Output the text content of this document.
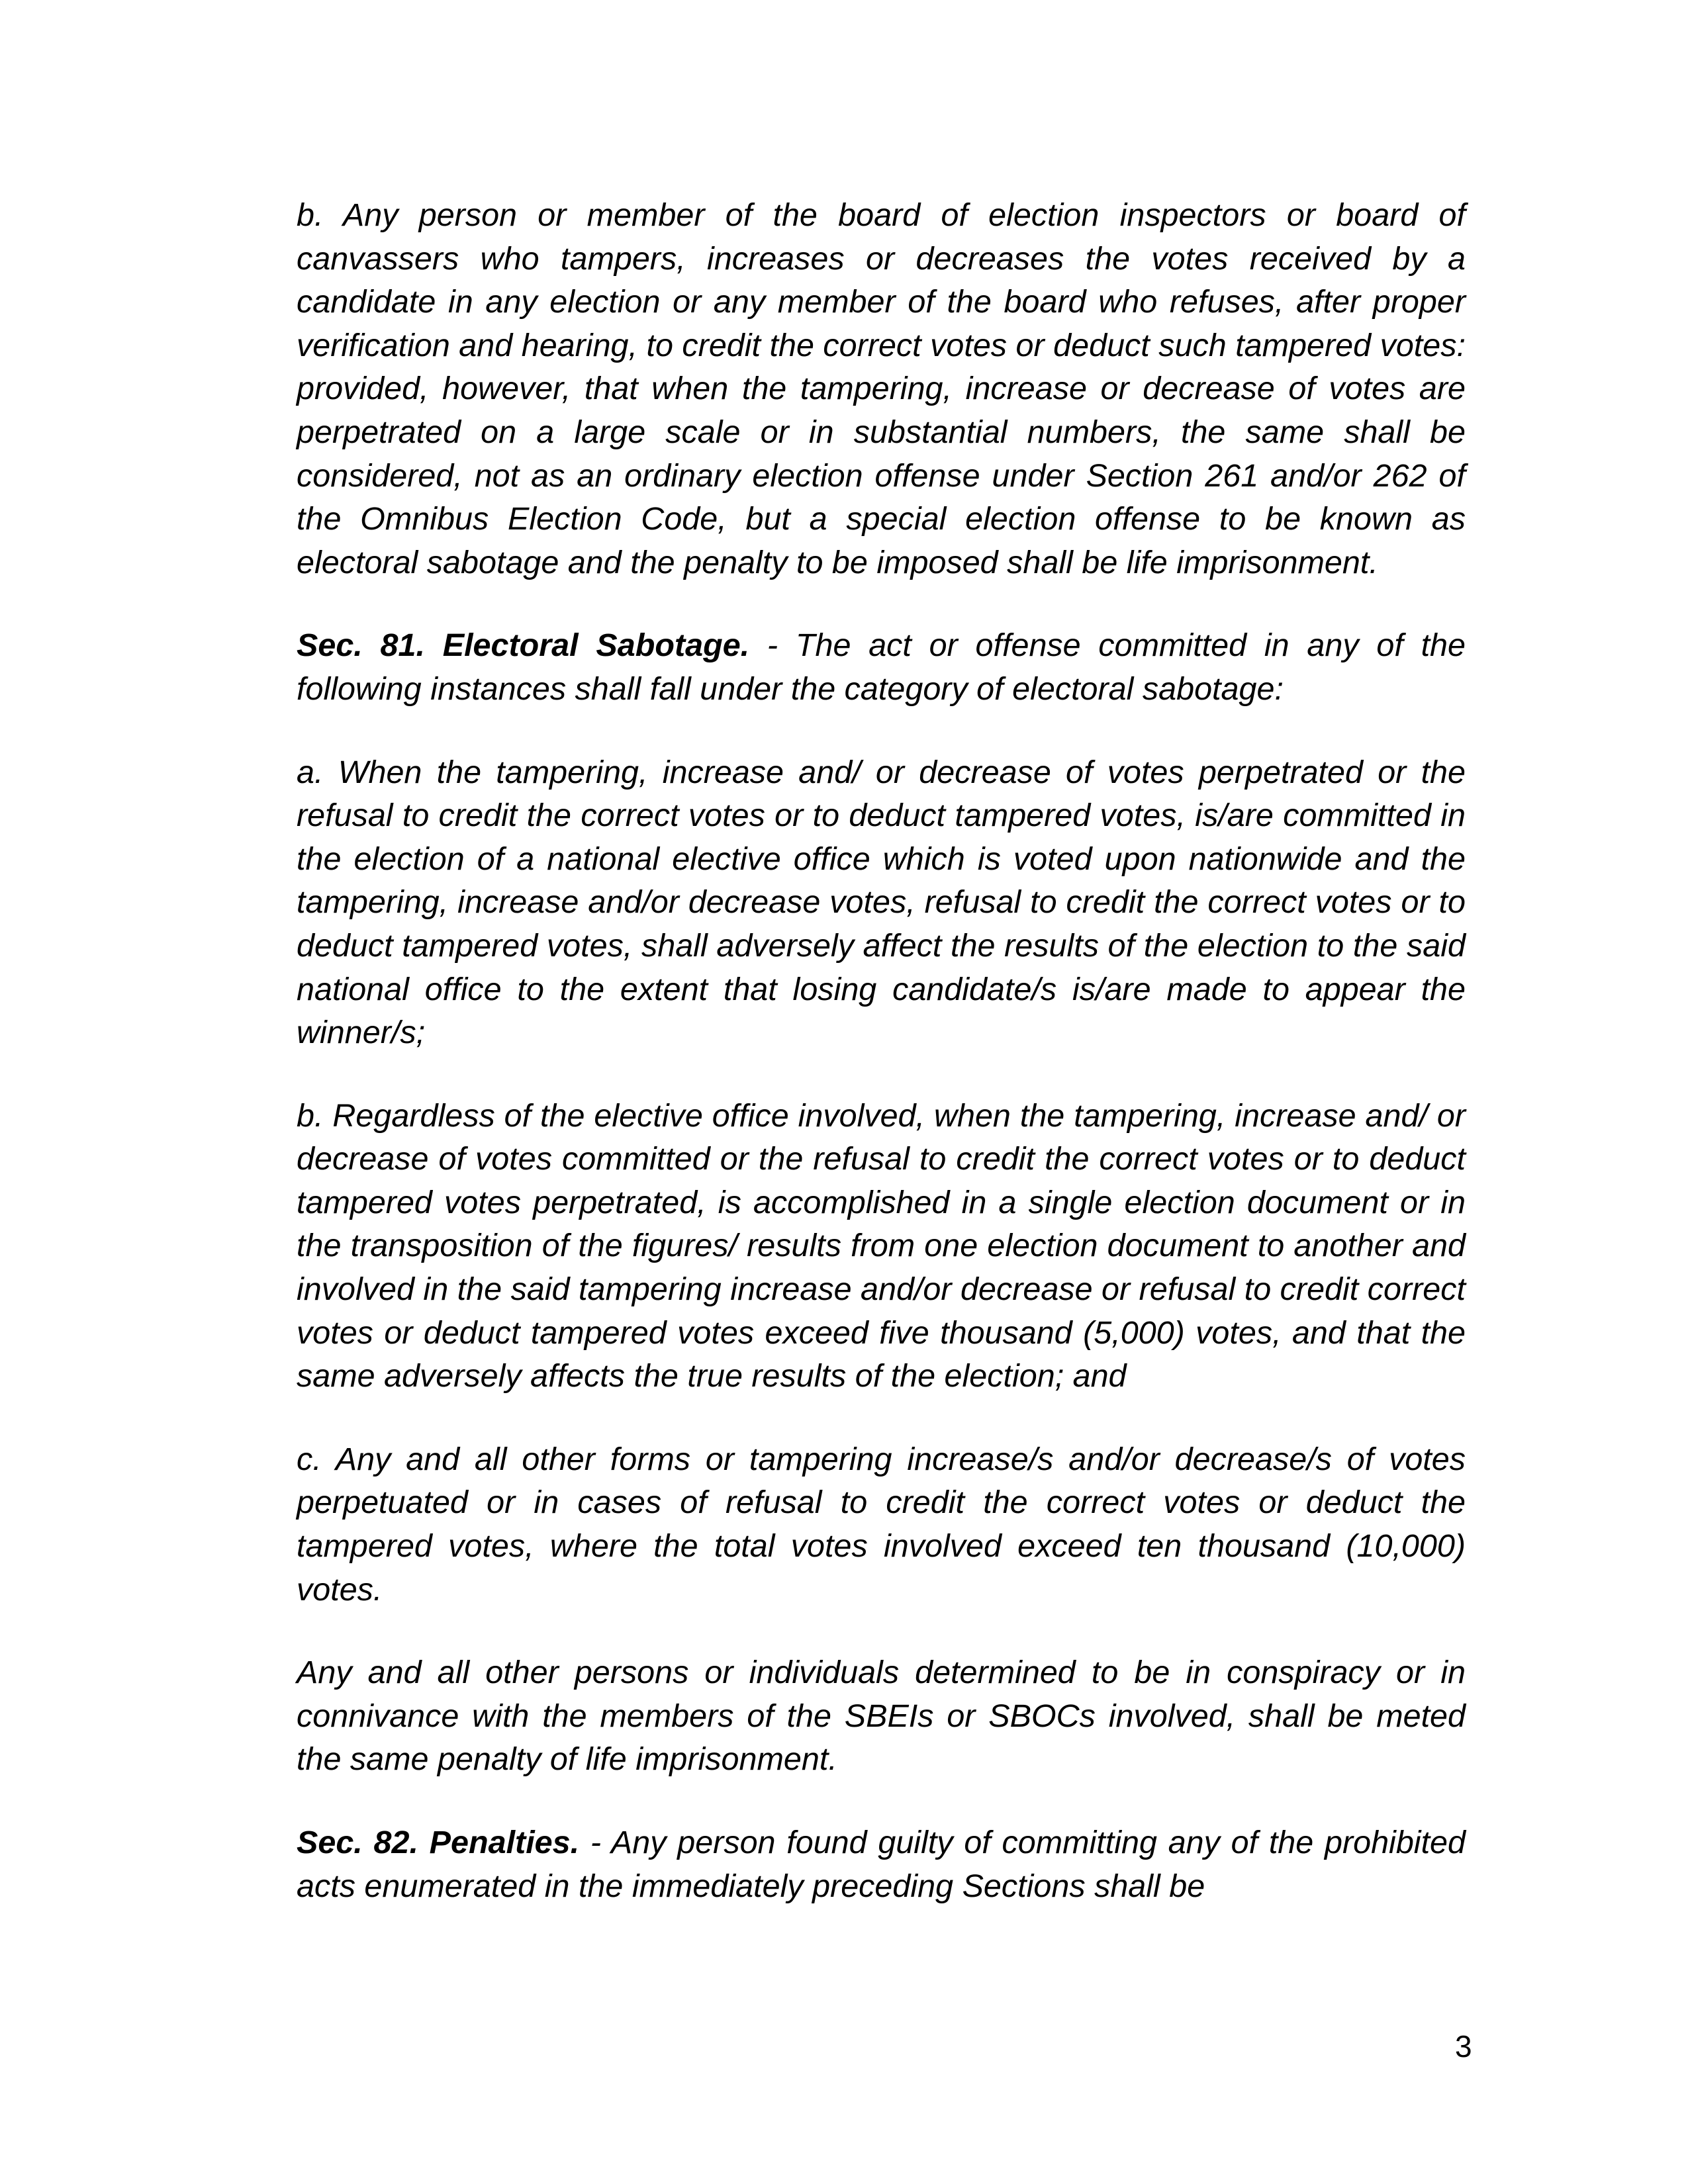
b. Any person or member of the board of election inspectors or board of canvassers who tampers, increases or decreases the votes received by a candidate in any election or any member of the board who refuses, after proper verification and hearing, to credit the correct votes or deduct such tampered votes: provided, however, that when the tampering, increase or decrease of votes are perpetrated on a large scale or in substantial numbers, the same shall be considered, not as an ordinary election offense under Section 261 and/or 262 of the Omnibus Election Code, but a special election offense to be known as electoral sabotage and the penalty to be imposed shall be life imprisonment.

Sec. 81. Electoral Sabotage. - The act or offense committed in any of the following instances shall fall under the category of electoral sabotage:

a. When the tampering, increase and/ or decrease of votes perpetrated or the refusal to credit the correct votes or to deduct tampered votes, is/are committed in the election of a national elective office which is voted upon nationwide and the tampering, increase and/or decrease votes, refusal to credit the correct votes or to deduct tampered votes, shall adversely affect the results of the election to the said national office to the extent that losing candidate/s is/are made to appear the winner/s;

b. Regardless of the elective office involved, when the tampering, increase and/ or decrease of votes committed or the refusal to credit the correct votes or to deduct tampered votes perpetrated, is accomplished in a single election document or in the transposition of the figures/ results from one election document to another and involved in the said tampering increase and/or decrease or refusal to credit correct votes or deduct tampered votes exceed five thousand (5,000) votes, and that the same adversely affects the true results of the election; and

c. Any and all other forms or tampering increase/s and/or decrease/s of votes perpetuated or in cases of refusal to credit the correct votes or deduct the tampered votes, where the total votes involved exceed ten thousand (10,000) votes.

Any and all other persons or individuals determined to be in conspiracy or in connivance with the members of the SBEIs or SBOCs involved, shall be meted the same penalty of life imprisonment.

Sec. 82. Penalties. - Any person found guilty of committing any of the prohibited acts enumerated in the immediately preceding Sections shall be

3
